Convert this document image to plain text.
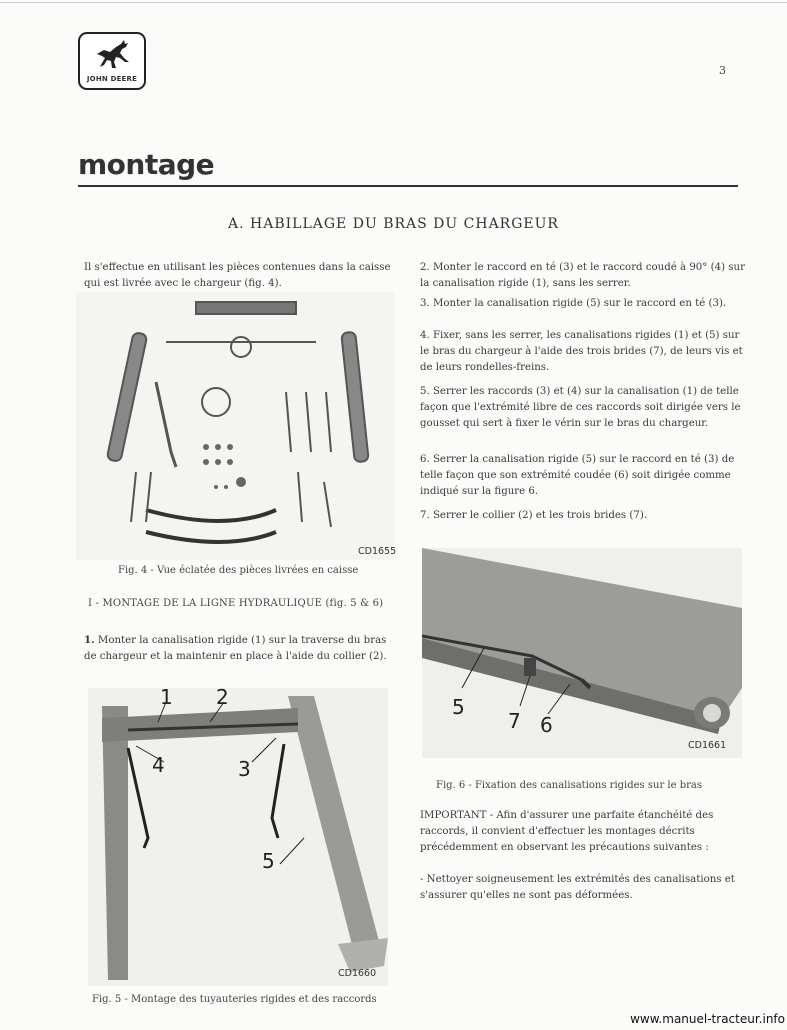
JOHN DEERE
3
montage
A. HABILLAGE DU BRAS DU CHARGEUR

Il s'effectue en utilisant les pièces contenues dans la caisse qui est livrée avec le chargeur (fig. 4).

CD1655

Fig. 4 - Vue éclatée des pièces livrées en caisse

I - MONTAGE DE LA LIGNE HYDRAULIQUE (fig. 5 & 6)

1. Monter la canalisation rigide (1) sur la traverse du bras de chargeur et la maintenir en place à l'aide du collier (2).

1 2
3
4
5
CD1660

Fig. 5 - Montage des tuyauteries rigides et des raccords

2. Monter le raccord en té (3) et le raccord coudé à 90° (4) sur la canalisation rigide (1), sans les serrer.

3. Monter la canalisation rigide (5) sur le raccord en té (3).

4. Fixer, sans les serrer, les canalisations rigides (1) et (5) sur le bras du chargeur à l'aide des trois brides (7), de leurs vis et de leurs rondelles-freins.

5. Serrer les raccords (3) et (4) sur la canalisation (1) de telle façon que l'extrémité libre de ces raccords soit dirigée vers le gousset qui sert à fixer le vérin sur le bras du chargeur.

6. Serrer la canalisation rigide (5) sur le raccord en té (3) de telle façon que son extrémité coudée (6) soit dirigée comme indiqué sur la figure 6.

7. Serrer le collier (2) et les trois brides (7).

5
7 6
CD1661

Fig. 6 - Fixation des canalisations rigides sur le bras

IMPORTANT - Afin d'assurer une parfaite étanchéité des raccords, il convient d'effectuer les montages décrits précédemment en observant les précautions suivantes :

- Nettoyer soigneusement les extrémités des canalisations et s'assurer qu'elles ne sont pas déformées.

www.manuel-tracteur.info
